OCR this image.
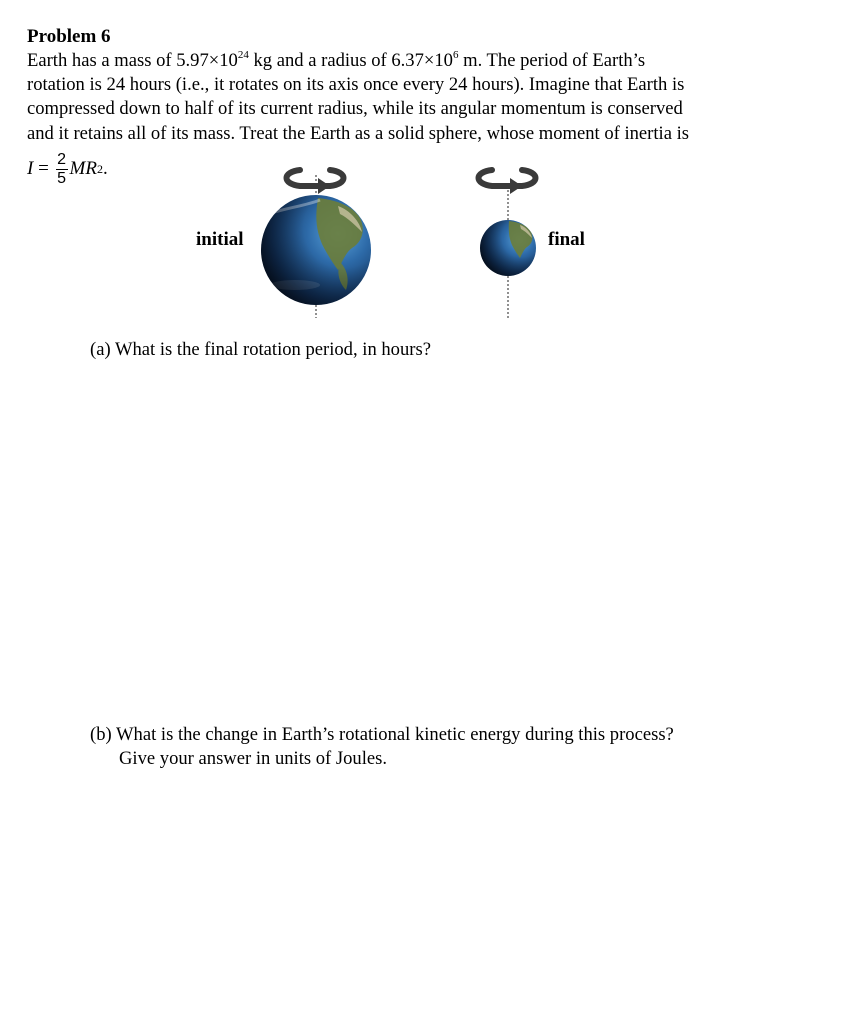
Problem 6
Earth has a mass of $5.97\times 10^{24}$ kg and a radius of $6.37\times 10^6$ m. The period of Earth’s
rotation is 24 hours (i.e., it rotates on its axis once every 24 hours). Imagine that Earth is
compressed down to half of its current radius, while its angular momentum is conserved
and it retains all of its mass. Treat the Earth as a solid sphere, whose moment of inertia is
$I = \frac{2}{5}$ MR 2 .
initial	final
(a) What is the final rotation period, in hours?
(b) What is the change in Earth’s rotational kinetic energy during this process?
Give your answer in units of Joules.
